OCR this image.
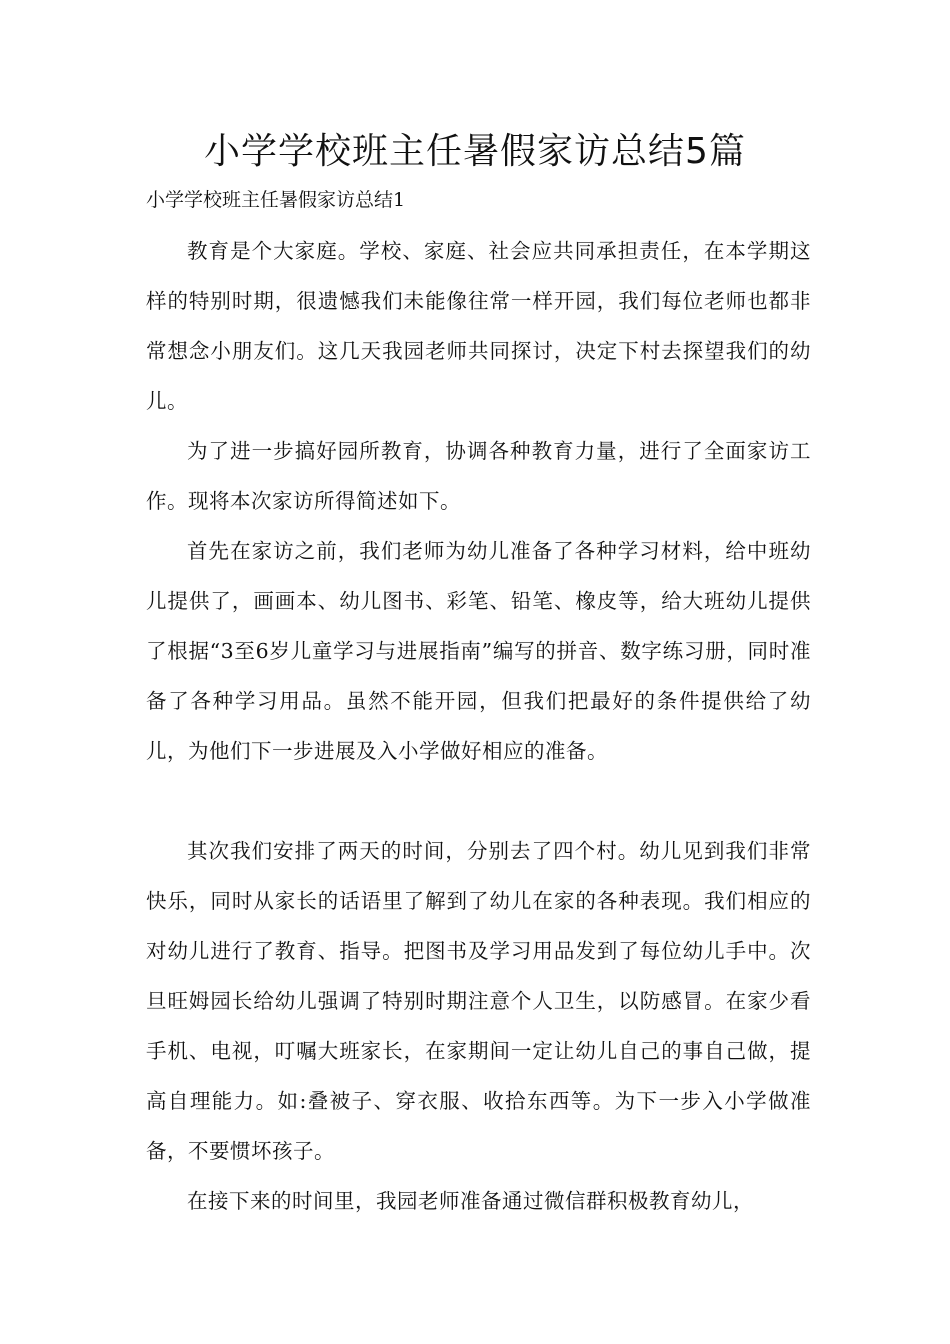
小学学校班主任暑假家访总结5篇
小学学校班主任暑假家访总结1

教育是个大家庭。学校、家庭、社会应共同承担责任，在本学期这样的特别时期，很遗憾我们未能像往常一样开园，我们每位老师也都非常想念小朋友们。这几天我园老师共同探讨，决定下村去探望我们的幼儿。

为了进一步搞好园所教育，协调各种教育力量，进行了全面家访工作。现将本次家访所得简述如下。

首先在家访之前，我们老师为幼儿准备了各种学习材料，给中班幼儿提供了，画画本、幼儿图书、彩笔、铅笔、橡皮等，给大班幼儿提供了根据“3至6岁儿童学习与进展指南”编写的拼音、数字练习册，同时准备了各种学习用品。虽然不能开园，但我们把最好的条件提供给了幼儿，为他们下一步进展及入小学做好相应的准备。

其次我们安排了两天的时间，分别去了四个村。幼儿见到我们非常快乐，同时从家长的话语里了解到了幼儿在家的各种表现。我们相应的对幼儿进行了教育、指导。把图书及学习用品发到了每位幼儿手中。次旦旺姆园长给幼儿强调了特别时期注意个人卫生，以防感冒。在家少看手机、电视，叮嘱大班家长，在家期间一定让幼儿自己的事自己做，提高自理能力。如:叠被子、穿衣服、收拾东西等。为下一步入小学做准备，不要惯坏孩子。

在接下来的时间里，我园老师准备通过微信群积极教育幼儿，
